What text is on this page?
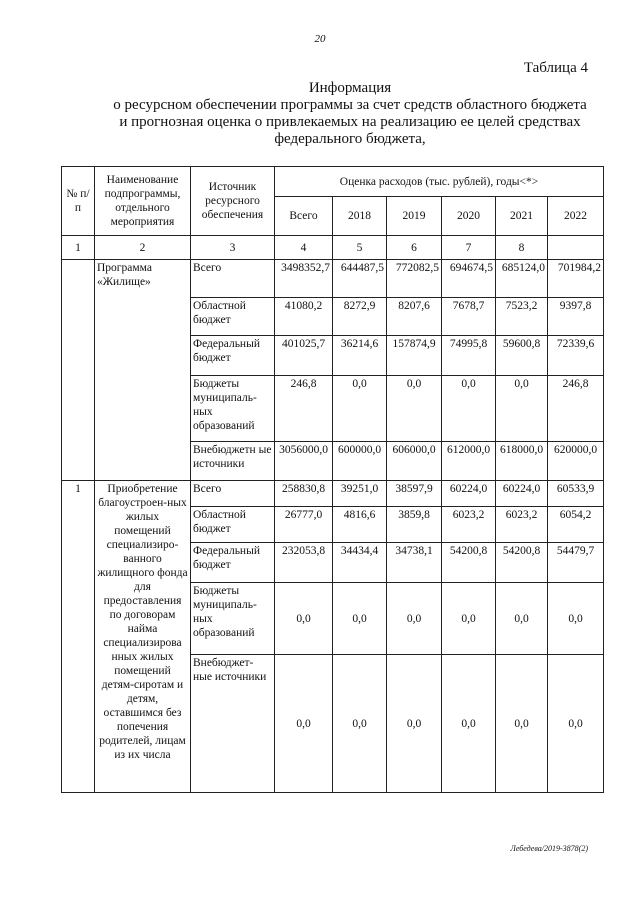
20
Таблица 4
Информация
о ресурсном обеспечении программы за счет средств областного бюджета
и прогнозная оценка о привлекаемых на реализацию ее целей средствах
федерального бюджета,
№ п/п	Наименование подпрограммы, отдельного мероприятия	Источник ресурсного обеспечения	Оценка расходов (тыс. рублей), годы<*>					
			Всего	2018	2019	2020	2021	2022
1	2	3	4	5	6	7	8	
	Программа «Жилище»	Всего	3498352,7	644487,5	772082,5	694674,5	685124,0	701984,2
		Областной бюджет	41080,2	8272,9	8207,6	7678,7	7523,2	9397,8
		Федеральный бюджет	401025,7	36214,6	157874,9	74995,8	59600,8	72339,6
		Бюджеты муниципаль-ных образований	246,8	0,0	0,0	0,0	0,0	246,8
		Внебюджетн ые источники	3056000,0	600000,0	606000,0	612000,0	618000,0	620000,0
1	Приобретение благоустроен-ных жилых помещений специализиро-ванного жилищного фонда для предоставления по договорам найма специализирова нных жилых помещений детям-сиротам и детям, оставшимся без попечения родителей, лицам из их числа	Всего	258830,8	39251,0	38597,9	60224,0	60224,0	60533,9
		Областной бюджет	26777,0	4816,6	3859,8	6023,2	6023,2	6054,2
		Федеральный бюджет	232053,8	34434,4	34738,1	54200,8	54200,8	54479,7
		Бюджеты муниципаль-ных образований	0,0	0,0	0,0	0,0	0,0	0,0
		Внебюджет-ные источники	0,0	0,0	0,0	0,0	0,0	0,0
Лебедева/2019-3878(2)
